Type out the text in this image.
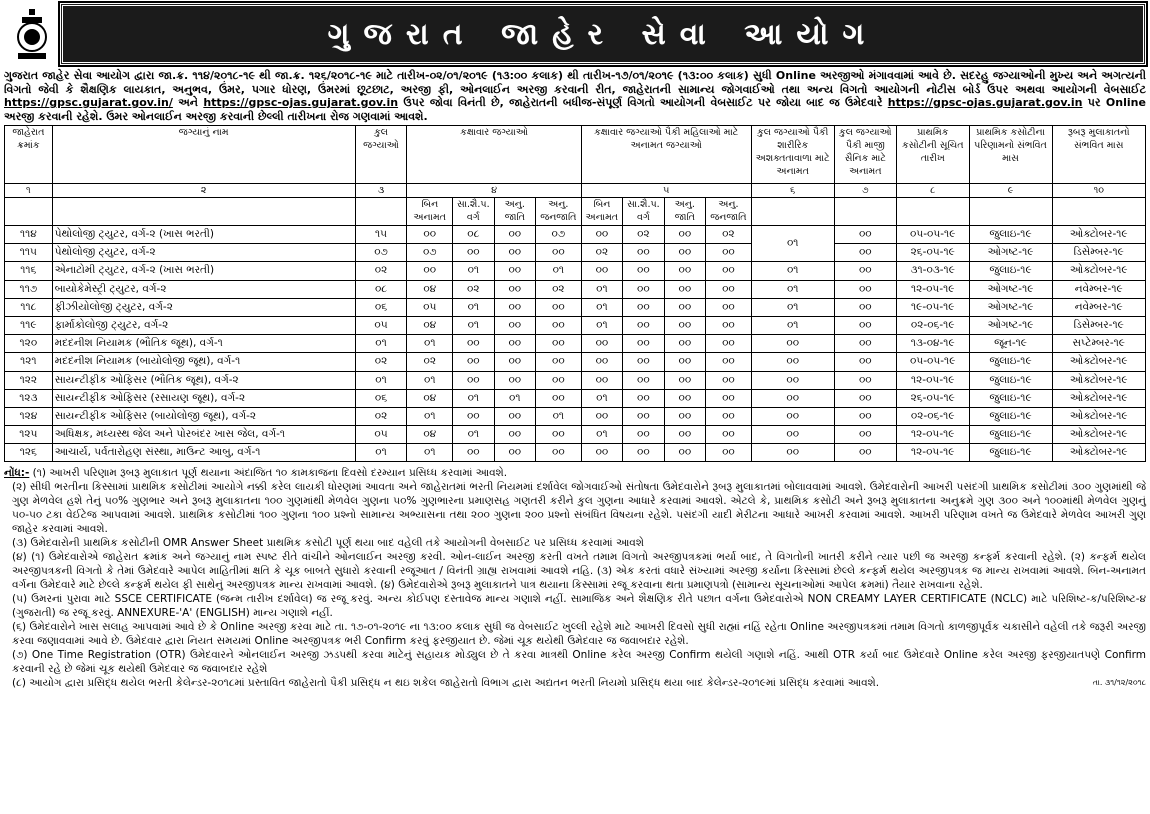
ગુજરાત જાહેર સેવા આયોગ
ગુજરાત જાહેર સેવા આયોગ દ્વારા જા.ક્ર. ૧૧૪/૨૦૧૮-૧૯ થી જા.ક્ર. ૧૨૬/૨૦૧૮-૧૯ માટે તારીખ-૦૨/૦૧/૨૦૧૯ (૧૩:૦૦ કલાક) થી તારીખ-૧૭/૦૧/૨૦૧૯ (૧૩:૦૦ કલાક) સુધી Online અરજીઓ મંગાવવામાં આવે છે. સદરહુ જગ્યાઓની મુખ્ય અને અગત્યની વિગતો જેવી કે શૈક્ષણિક લાયકાત, અનુભવ, ઉંમર, પગાર ધોરણ, ઉંમરમાં છૂટછાટ, અરજી ફી, ઓનલાઈન અરજી કરવાની રીત, જાહેરાતની સામાન્ય જોગવાઈઓ તથા અન્ય વિગતો આયોગની નોટીસ બોર્ડ ઉપર અથવા આયોગની વેબસાઈટ https://gpsc.gujarat.gov.in/ અને https://gpsc-ojas.gujarat.gov.in ઉપર જોવા વિનંતી છે, જાહેરાતની બધીજ-સંપૂર્ણ વિગતો આયોગની વેબસાઈટ પર જોયા બાદ જ ઉમેદવારે https://gpsc-ojas.gujarat.gov.in પર Online અરજી કરવાની રહેશે. ઉમર ઓનલાઈન અરજી કરવાની છેલ્લી તારીખના રોજ ગણવામાં આવશે.
જાહેરાત ક્રમાંક	જગ્યાનું નામ	કુલ જગ્યાઓ	કક્ષાવાર જગ્યાઓ				કક્ષાવાર જગ્યાઓ પૈકી મહિલાઓ માટે અનામત જગ્યાઓ				કુલ જગ્યાઓ પૈકી શારીરિક અશક્તતાવાળા માટે અનામત	કુલ જગ્યાઓ પૈકી માજી સૈનિક માટે અનામત	પ્રાથમિક કસોટીની સૂચિત તારીખ	પ્રાથમિક કસોટીના પરિણામનો સંભવિત માસ	રૂબરૂ મુલાકાતનો સંભવિત માસ
૧	૨	૩	૪				૫				૬	૭	૮	૯	૧૦
			બિન અનામત	સા.શૈ.પ. વર્ગ	અનુ. જાતિ	અનુ. જનજાતિ	બિન અનામત	સા.શૈ.પ. વર્ગ	અનુ. જાતિ	અનુ. જનજાતિ					
૧૧૪	પેથોલોજી ટ્યુટર, વર્ગ-૨ (ખાસ ભરતી)	૧૫	૦૦	૦૮	૦૦	૦૭	૦૦	૦૨	૦૦	૦૨	૦૧	૦૦	૦૫-૦૫-૧૯	જુલાઇ-૧૯	ઓક્ટોબર-૧૯
૧૧૫	પેથોલોજી ટ્યુટર, વર્ગ-૨	૦૭	૦૭	૦૦	૦૦	૦૦	૦૨	૦૦	૦૦	૦૦		૦૦	૨૬-૦૫-૧૯	ઓગષ્ટ-૧૯	ડિસેમ્બર-૧૯
૧૧૬	એનાટોમી ટ્યુટર, વર્ગ-૨ (ખાસ ભરતી)	૦૨	૦૦	૦૧	૦૦	૦૧	૦૦	૦૦	૦૦	૦૦	૦૧	૦૦	૩૧-૦૩-૧૯	જુલાઇ-૧૯	ઓક્ટોબર-૧૯
૧૧૭	બાયોકેમેસ્ટ્રી ટ્યુટર, વર્ગ-૨	૦૮	૦૪	૦૨	૦૦	૦૨	૦૧	૦૦	૦૦	૦૦	૦૧	૦૦	૧૨-૦૫-૧૯	ઓગષ્ટ-૧૯	નવેમ્બર-૧૯
૧૧૮	ફીઝીયોલોજી ટ્યુટર, વર્ગ-૨	૦૬	૦૫	૦૧	૦૦	૦૦	૦૧	૦૦	૦૦	૦૦	૦૧	૦૦	૧૯-૦૫-૧૯	ઓગષ્ટ-૧૯	નવેમ્બર-૧૯
૧૧૯	ફાર્માકોલોજી ટ્યુટર, વર્ગ-૨	૦૫	૦૪	૦૧	૦૦	૦૦	૦૧	૦૦	૦૦	૦૦	૦૧	૦૦	૦૨-૦૬-૧૯	ઓગષ્ટ-૧૯	ડિસેમ્બર-૧૯
૧૨૦	મદદનીશ નિયામક (ભૌતિક જૂથ), વર્ગ-૧	૦૧	૦૧	૦૦	૦૦	૦૦	૦૦	૦૦	૦૦	૦૦	૦૦	૦૦	૧૩-૦૪-૧૯	જૂન-૧૯	સપ્ટેમ્બર-૧૯
૧૨૧	મદદનીશ નિયામક (બાયોલોજી જૂથ), વર્ગ-૧	૦૨	૦૨	૦૦	૦૦	૦૦	૦૦	૦૦	૦૦	૦૦	૦૦	૦૦	૦૫-૦૫-૧૯	જુલાઇ-૧૯	ઓક્ટોબર-૧૯
૧૨૨	સાયન્ટીફીક ઓફિસર (ભૌતિક જૂથ), વર્ગ-૨	૦૧	૦૧	૦૦	૦૦	૦૦	૦૦	૦૦	૦૦	૦૦	૦૦	૦૦	૧૨-૦૫-૧૯	જુલાઇ-૧૯	ઓક્ટોબર-૧૯
૧૨૩	સાયન્ટીફીક ઓફિસર (રસાયણ જૂથ), વર્ગ-૨	૦૬	૦૪	૦૧	૦૧	૦૦	૦૧	૦૦	૦૦	૦૦	૦૦	૦૦	૨૬-૦૫-૧૯	જુલાઇ-૧૯	ઓક્ટોબર-૧૯
૧૨૪	સાયન્ટીફીક ઓફિસર (બાયોલોજી જૂથ), વર્ગ-૨	૦૨	૦૧	૦૦	૦૦	૦૧	૦૦	૦૦	૦૦	૦૦	૦૦	૦૦	૦૨-૦૬-૧૯	જુલાઇ-૧૯	ઓક્ટોબર-૧૯
૧૨૫	અધિક્ષક, મધ્યસ્થ જેલ અને પોરબંદર ખાસ જેલ, વર્ગ-૧	૦૫	૦૪	૦૧	૦૦	૦૦	૦૧	૦૦	૦૦	૦૦	૦૦	૦૦	૧૨-૦૫-૧૯	જુલાઇ-૧૯	ઓક્ટોબર-૧૯
૧૨૬	આચાર્ય, પર્વતારોહણ સંસ્થા, માઉન્ટ આબુ, વર્ગ-૧	૦૧	૦૧	૦૦	૦૦	૦૦	૦૦	૦૦	૦૦	૦૦	૦૦	૦૦	૧૨-૦૫-૧૯	જુલાઇ-૧૯	ઓક્ટોબર-૧૯

નોંધ:- (૧) આખરી પરિણામ રૂબરૂ મુલાકાત પૂર્ણ થયાના અંદાજિત ૧૦ કામકાજના દિવસો દરમ્યાન પ્રસિધ્ધ કરવામાં આવશે.

(૨) સીધી ભરતીના કિસ્સામાં પ્રાથમિક કસોટીમાં આયોગે નક્કી કરેલ લાયકી ધોરણમાં આવતા અને જાહેરાતમાં ભરતી નિયમમાં દર્શાવેલ જોગવાઈઓ સંતોષતા ઉમેદવારોને રૂબરૂ મુલાકાતમાં બોલાવવામાં આવશે. ઉમેદવારોની આખરી પસંદગી પ્રાથમિક કસોટીમાં ૩૦૦ ગુણમાંથી જે ગુણ મેળવેલ હશે તેનું ૫૦% ગુણભાર અને રૂબરૂ મુલાકાતના ૧૦૦ ગુણમાંથી મેળવેલ ગુણના ૫૦% ગુણભારના પ્રમાણસહ ગણતરી કરીને કુલ ગુણના આધારે કરવામાં આવશે. એટલે કે, પ્રાથમિક કસોટી અને રૂબરૂ મુલાકાતના અનુક્રમે ગુણ ૩૦૦ અને ૧૦૦માંથી મેળવેલ ગુણનું ૫૦-૫૦ ટકા વેઈટેજ આપવામાં આવશે. પ્રાથમિક કસોટીમાં ૧૦૦ ગુણના ૧૦૦ પ્રશ્નો સામાન્ય અભ્યાસના તથા ૨૦૦ ગુણના ૨૦૦ પ્રશ્નો સંબંધિત વિષયના રહેશે. પસંદગી યાદી મેરીટના આધારે આખરી કરવામાં આવશે. આખરી પરિણામ વખતે જ ઉમેદવારે મેળવેલ આખરી ગુણ જાહેર કરવામાં આવશે.

(૩) ઉમેદવારોની પ્રાથમિક કસોટીની OMR Answer Sheet પ્રાથમિક કસોટી પૂર્ણ થયા બાદ વહેલી તકે આયોગની વેબસાઈટ પર પ્રસિધ્ધ કરવામાં આવશે

(૪) (૧) ઉમેદવારોએ જાહેરાત ક્રમાંક અને જગ્યાનું નામ સ્પષ્ટ રીતે વાંચીને ઓનલાઈન અરજી કરવી. ઓન-લાઈન અરજી કરતી વખતે તમામ વિગતો અરજીપત્રકમાં ભર્યા બાદ, તે વિગતોની ખાતરી કરીને ત્યાર પછી જ અરજી કન્ફર્મ કરવાની રહેશે. (૨) કન્ફર્મ થયેલ અરજીપત્રકની વિગતો કે તેમાં ઉમેદવારે આપેલ માહિતીમાં ક્ષતિ કે ચૂક બાબતે સુધારો કરવાની રજૂઆત / વિનંતી ગ્રાહ્ય રાખવામાં આવશે નહિ. (૩) એક કરતાં વધારે સંખ્યામાં અરજી કર્યાના કિસ્સામાં છેલ્લે કન્ફર્મ થયેલ અરજીપત્રક જ માન્ય રાખવામાં આવશે. બિન-અનામત વર્ગના ઉમેદવારે માટે છેલ્લે કન્ફર્મ થયેલ ફી સાથેનું અરજીપત્રક માન્ય રાખવામાં આવશે. (૪) ઉમેદવારોએ રૂબરૂ મુલાકાતને પાત્ર થયાના કિસ્સામાં રજૂ કરવાના થતા પ્રમાણપત્રો (સામાન્ય સૂચનાઓમાં આપેલ ક્રમમાં) તૈયાર રાખવાના રહેશે.

(૫) ઉમરનાં પુરાવા માટે SSCE CERTIFICATE (જન્મ તારીખ દર્શાવેલ) જ રજૂ કરવું. અન્ય કોઈપણ દસ્તાવેજ માન્ય ગણાશે નહીં. સામાજિક અને શૈક્ષણિક રીતે પછાત વર્ગના ઉમેદવારોએ NON CREAMY LAYER CERTIFICATE (NCLC) માટે પરિશિષ્ટ-ક/પરિશિષ્ટ-૪ (ગુજરાતી) જ રજૂ કરવું. ANNEXURE-'A' (ENGLISH) માન્ય ગણાશે નહીં.

(૬) ઉમેદવારોને ખાસ સલાહ આપવામાં આવે છે કે Online અરજી કરવા માટે તા. ૧૭-૦૧-૨૦૧૯ ના ૧૩:૦૦ કલાક સુધી જ વેબસાઈટ ખુલ્લી રહેશે માટે આખરી દિવસો સુધી રાહ્માં નહિં રહેતા Online અરજીપત્રકમાં તમામ વિગતો કાળજીપૂર્વક ચકાસીને વહેલી તકે જરૂરી અરજી કરવા જણાવવામાં આવે છે. ઉમેદવાર દ્વારા નિયત સમયમાં Online અરજીપત્રક ભરી Confirm કરવું ફરજીયાત છે. જેમાં ચૂક થયેથી ઉમેદવાર જ જવાબદાર રહેશે.

(૭) One Time Registration (OTR) ઉમેદવારને ઓનલાઈન અરજી ઝડપથી કરવા માટેનું સહાયક મોડ્યુલ છે તે કરવા માત્રથી Online કરેલ અરજી Confirm થયેલી ગણાશે નહિં. આથી OTR કર્યા બાદ ઉમેદવારે Online કરેલ અરજી ફરજીયાતપણે Confirm કરવાની રહે છે જેમાં ચૂક થયેથી ઉમેદવાર જ જવાબદાર રહેશે

(૮) આયોગ દ્વારા પ્રસિદ્ધ થયેલ ભરતી કેલેન્ડર-૨૦૧૮માં પ્રસ્તાવિત જાહેરાતો પૈકી પ્રસિદ્ધ ન થઇ શકેલ જાહેરાતો વિભાગ દ્વારા અદ્યતન ભરતી નિયમો પ્રસિદ્ધ થયા બાદ કેલેન્ડર-૨૦૧૯માં પ્રસિદ્ધ કરવામાં આવશે.	તા. ૩૧/૧૨/૨૦૧૮
